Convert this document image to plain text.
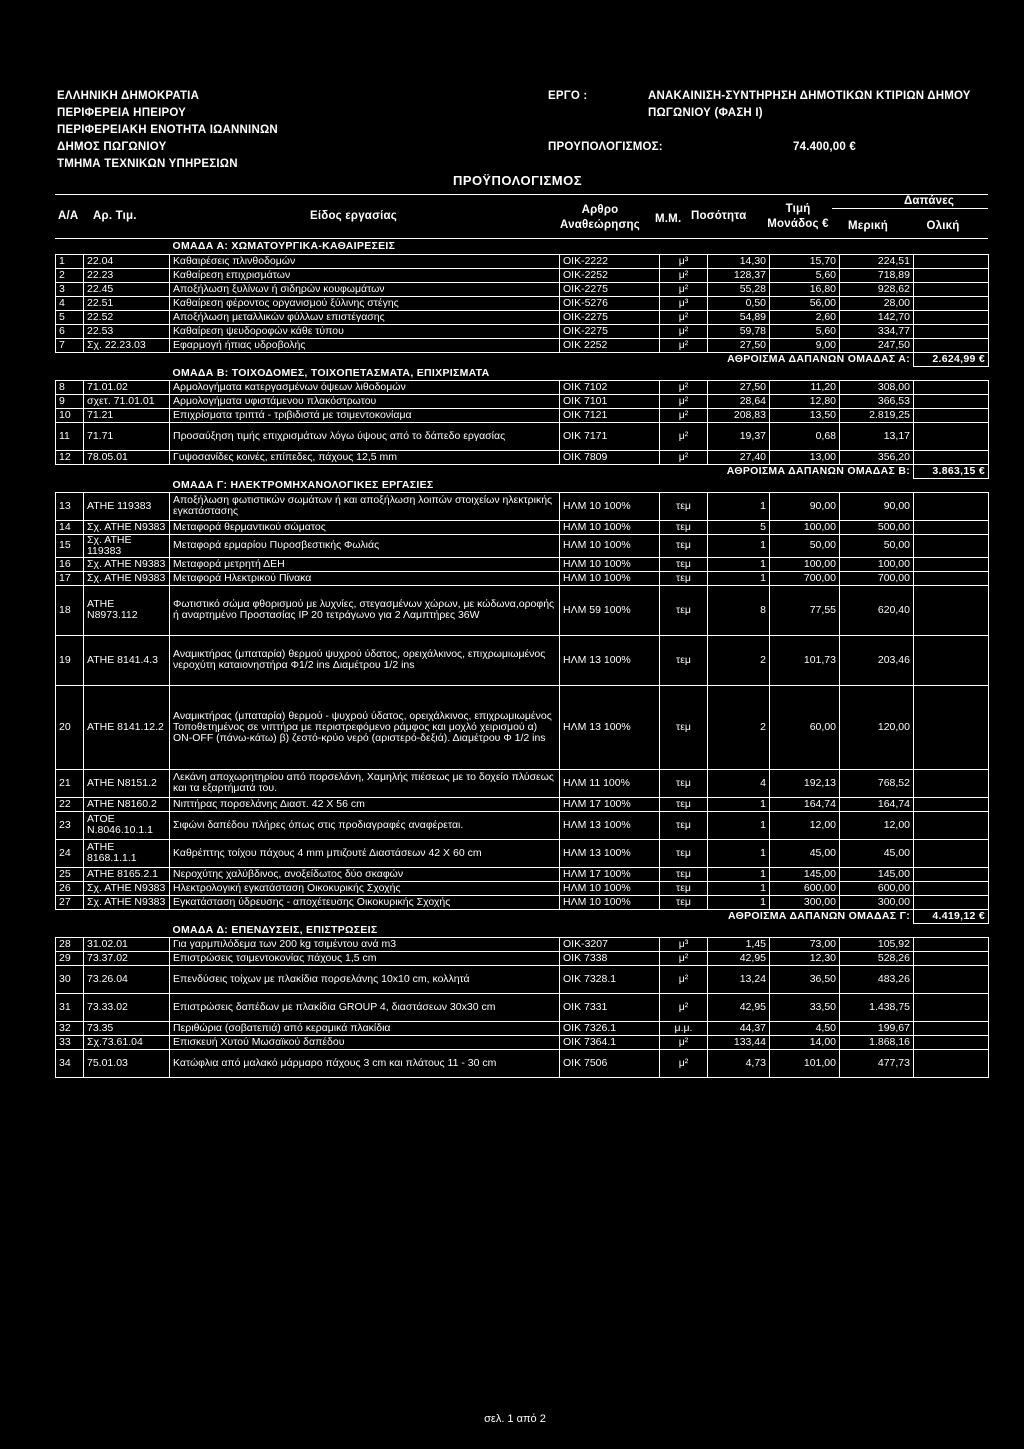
ΕΛΛΗΝΙΚΗ ΔΗΜΟΚΡΑΤΙΑ
ΠΕΡΙΦΕΡΕΙΑ ΗΠΕΙΡΟΥ
ΠΕΡΙΦΕΡΕΙΑΚΗ ΕΝΟΤΗΤΑ ΙΩΑΝΝΙΝΩΝ
ΔΗΜΟΣ ΠΩΓΩΝΙΟΥ
ΤΜΗΜΑ ΤΕΧΝΙΚΩΝ ΥΠΗΡΕΣΙΩΝ
ΕΡΓΟ :	ΑΝΑΚΑΙΝΙΣΗ-ΣΥΝΤΗΡΗΣΗ ΔΗΜΟΤΙΚΩΝ ΚΤΙΡΙΩΝ ΔΗΜΟΥ
ΠΩΓΩΝΙΟΥ (ΦΑΣΗ Ι)
ΠΡΟΥΠΟΛΟΓΙΣΜΟΣ:	74.400,00 €
ΠΡΟΫΠΟΛΟΓΙΣΜΟΣ
Α/Α Αρ. Τιμ.	Είδος εργασίας	Αρθρο
Αναθεώρησης	Μ.Μ. Ποσότητα
Τιμή
Μονάδος €
Δαπάνες
Μερική	Ολική
		ΟΜΑΔΑ Α: ΧΩΜΑΤΟΥΡΓΙΚΑ-ΚΑΘΑΙΡΕΣΕΙΣ						
1	22.04	Καθαιρέσεις πλινθοδομών	ΟΙΚ-2222	μ³	14,30	15,70	224,51	
2	22.23	Καθαίρεση επιχρισμάτων	ΟΙΚ-2252	μ²	128,37	5,60	718,89	
3	22.45	Αποξήλωση ξυλίνων ή σιδηρών κουφωμάτων	ΟΙΚ-2275	μ²	55,28	16,80	928,62	
4	22.51	Καθαίρεση φέροντος οργανισμού ξύλινης στέγης	ΟΙΚ-5276	μ³	0,50	56,00	28,00	
5	22.52	Αποξήλωση μεταλλικών φύλλων επιστέγασης	ΟΙΚ-2275	μ²	54,89	2,60	142,70	
6	22.53	Καθαίρεση ψευδοροφών κάθε τύπου	ΟΙΚ-2275	μ²	59,78	5,60	334,77	
7	Σχ. 22.23.03	Εφαρμογή ήπιας υδροβολής	ΟΙΚ 2252	μ²	27,50	9,00	247,50	
				ΑΘΡΟΙΣΜΑ ΔΑΠΑΝΩΝ ΟΜΑΔΑΣ Α:				2.624,99 €
		ΟΜΑΔΑ Β: ΤΟΙΧΟΔΟΜΕΣ, ΤΟΙΧΟΠΕΤΑΣΜΑΤΑ, ΕΠΙΧΡΙΣΜΑΤΑ						
8	71.01.02	Αρμολογήματα κατεργασμένων όψεων λιθοδομών	ΟΙΚ 7102	μ²	27,50	11,20	308,00	
9	σχετ. 71.01.01	Αρμολογήματα υφιστάμενου πλακόστρωτου	ΟΙΚ 7101	μ²	28,64	12,80	366,53	
10	71.21	Επιχρίσματα τριπτά - τριβιδιστά με τσιμεντοκονίαμα	ΟΙΚ 7121	μ²	208,83	13,50	2.819,25	
11	71.71	Προσαύξηση τιμής επιχρισμάτων λόγω ύψους από το δάπεδο εργασίας	ΟΙΚ 7171	μ²	19,37	0,68	13,17	
12	78.05.01	Γυψοσανίδες κοινές, επίπεδες, πάχους 12,5 mm	ΟΙΚ 7809	μ²	27,40	13,00	356,20	
				ΑΘΡΟΙΣΜΑ ΔΑΠΑΝΩΝ ΟΜΑΔΑΣ Β:				3.863,15 €
		ΟΜΑΔΑ Γ: ΗΛΕΚΤΡΟΜΗΧΑΝΟΛΟΓΙΚΕΣ ΕΡΓΑΣΙΕΣ						
13	ΑΤΗΕ 119383	Αποξήλωση φωτιστικών σωμάτων ή και αποξήλωση λοιπών στοιχείων ηλεκτρικής εγκατάστασης	ΗΛΜ 10 100%	τεμ	1	90,00	90,00	
14	Σχ. ΑΤΗΕ Ν9383	Μεταφορά θερμαντικού σώματος	ΗΛΜ 10 100%	τεμ	5	100,00	500,00	
15	Σχ. ΑΤΗΕ 119383	Μεταφορά ερμαρίου Πυροσβεστικής Φωλιάς	ΗΛΜ 10 100%	τεμ	1	50,00	50,00	
16	Σχ. ΑΤΗΕ Ν9383	Μεταφορά μετρητή ΔΕΗ	ΗΛΜ 10 100%	τεμ	1	100,00	100,00	
17	Σχ. ΑΤΗΕ Ν9383	Μεταφορά Ηλεκτρικού Πίνακα	ΗΛΜ 10 100%	τεμ	1	700,00	700,00	
18	ΑΤΗΕ Ν8973.112	Φωτιστικό σώμα φθορισμού με λυχνίες, στεγασμένων χώρων, με κώδωνα,οροφής ή αναρτημένο Προστασίας IP 20 τετράγωνο για 2 Λαμπτήρες 36W	ΗΛΜ 59 100%	τεμ	8	77,55	620,40	
19	ΑΤΗΕ 8141.4.3	Αναμικτήρας (μπαταρία) θερμού ψυχρού ύδατος, ορειχάλκινος, επιχρωμιωμένος νεροχύτη καταιονηστήρα Φ1/2 ins Διαμέτρου 1/2 ins	ΗΛΜ 13 100%	τεμ	2	101,73	203,46	
20	ΑΤΗΕ 8141.12.2	Αναμικτήρας (μπαταρία) θερμού - ψυχρού ύδατος, ορειχάλκινος, επιχρωμιωμένος Τοποθετημένος σε νιπτήρα με περιστρεφόμενο ράμφος και μοχλό χειρισμού α) ON-OFF (πάνω-κάτω) β) ζεστό-κρύο νερό (αριστερό-δεξιά). Διαμέτρου Φ 1/2 ins	ΗΛΜ 13 100%	τεμ	2	60,00	120,00	
21	ΑΤΗΕ Ν8151.2	Λεκάνη αποχωρητηρίου από πορσελάνη, Χαμηλής πιέσεως με το δοχείο πλύσεως και τα εξαρτήματά του.	ΗΛΜ 11 100%	τεμ	4	192,13	768,52	
22	ΑΤΗΕ Ν8160.2	Νιπτήρας πορσελάνης Διαστ. 42 Χ 56 cm	ΗΛΜ 17 100%	τεμ	1	164,74	164,74	
23	ΑΤΟΕ Ν.8046.10.1.1	Σιφώνι δαπέδου πλήρες όπως στις προδιαγραφές αναφέρεται.	ΗΛΜ 13 100%	τεμ	1	12,00	12,00	
24	ΑΤΗΕ 8168.1.1.1	Καθρέπτης τοίχου πάχους 4 mm μπιζουτέ Διαστάσεων 42 Χ 60 cm	ΗΛΜ 13 100%	τεμ	1	45,00	45,00	
25	ΑΤΗΕ 8165.2.1	Νεροχύτης χαλύβδινος, ανοξείδωτος δύο σκαφών	ΗΛΜ 17 100%	τεμ	1	145,00	145,00	
26	Σχ. ΑΤΗΕ Ν9383	Ηλεκτρολογική εγκατάσταση Οικοκυρικής Σχοχής	ΗΛΜ 10 100%	τεμ	1	600,00	600,00	
27	Σχ. ΑΤΗΕ Ν9383	Εγκατάσταση ύδρευσης - αποχέτευσης Οικοκυρικής Σχοχής	ΗΛΜ 10 100%	τεμ	1	300,00	300,00	
				ΑΘΡΟΙΣΜΑ ΔΑΠΑΝΩΝ ΟΜΑΔΑΣ Γ:				4.419,12 €
		ΟΜΑΔΑ Δ: ΕΠΕΝΔΥΣΕΙΣ, ΕΠΙΣΤΡΩΣΕΙΣ						
28	31.02.01	Για γαρμπιλόδεμα των 200 kg τσιμέντου ανά m3	ΟΙΚ-3207	μ³	1,45	73,00	105,92	
29	73.37.02	Επιστρώσεις τσιμεντοκονίας πάχους 1,5 cm	ΟΙΚ 7338	μ²	42,95	12,30	528,26	
30	73.26.04	Επενδύσεις τοίχων με πλακίδια πορσελάνης 10x10 cm, κολλητά	ΟΙΚ 7328.1	μ²	13,24	36,50	483,26	
31	73.33.02	Επιστρώσεις δαπέδων με πλακίδια GROUP 4, διαστάσεων 30x30 cm	ΟΙΚ 7331	μ²	42,95	33,50	1.438,75	
32	73.35	Περιθώρια (σοβατεπιά) από κεραμικά πλακίδια	ΟΙΚ 7326.1	μ.μ.	44,37	4,50	199,67	
33	Σχ.73.61.04	Επισκευή Χυτού Μωσαϊκού δαπέδου	ΟΙΚ 7364.1	μ²	133,44	14,00	1.868,16	
34	75.01.03	Κατώφλια από μαλακό μάρμαρο πάχους 3 cm και πλάτους 11 - 30 cm	ΟΙΚ 7506	μ²	4,73	101,00	477,73	
σελ. 1 από 2
